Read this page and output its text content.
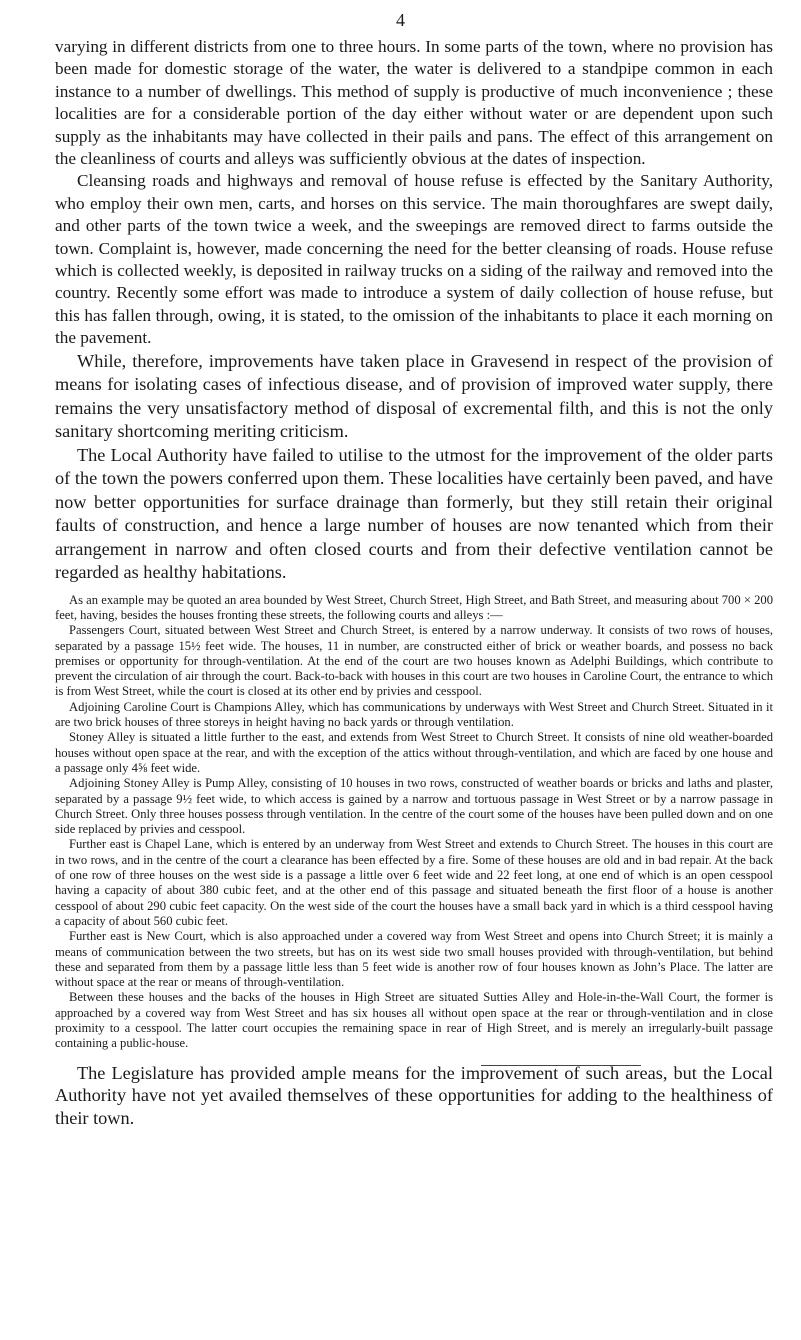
4

varying in different districts from one to three hours. In some parts of the town, where no provision has been made for domestic storage of the water, the water is delivered to a standpipe common in each instance to a number of dwellings. This method of supply is productive of much inconvenience ; these localities are for a considerable portion of the day either without water or are dependent upon such supply as the inhabitants may have collected in their pails and pans. The effect of this arrangement on the cleanliness of courts and alleys was sufficiently obvious at the dates of inspection.

Cleansing roads and highways and removal of house refuse is effected by the Sanitary Authority, who employ their own men, carts, and horses on this service. The main thoroughfares are swept daily, and other parts of the town twice a week, and the sweepings are removed direct to farms outside the town. Complaint is, however, made concerning the need for the better cleansing of roads. House refuse which is collected weekly, is deposited in railway trucks on a siding of the railway and removed into the country. Recently some effort was made to introduce a system of daily collection of house refuse, but this has fallen through, owing, it is stated, to the omission of the inhabitants to place it each morning on the pavement.

While, therefore, improvements have taken place in Gravesend in respect of the provision of means for isolating cases of infectious disease, and of provision of improved water supply, there remains the very unsatisfactory method of disposal of excremental filth, and this is not the only sanitary shortcoming meriting criticism.

The Local Authority have failed to utilise to the utmost for the improvement of the older parts of the town the powers conferred upon them. These localities have certainly been paved, and have now better opportunities for surface drainage than formerly, but they still retain their original faults of construction, and hence a large number of houses are now tenanted which from their arrangement in narrow and often closed courts and from their defective ventilation cannot be regarded as healthy habitations.

As an example may be quoted an area bounded by West Street, Church Street, High Street, and Bath Street, and measuring about 700 × 200 feet, having, besides the houses fronting these streets, the following courts and alleys :—

Passengers Court, situated between West Street and Church Street, is entered by a narrow underway. It consists of two rows of houses, separated by a passage 15½ feet wide. The houses, 11 in number, are constructed either of brick or weather boards, and possess no back premises or opportunity for through-ventilation. At the end of the court are two houses known as Adelphi Buildings, which contribute to prevent the circulation of air through the court. Back-to-back with houses in this court are two houses in Caroline Court, the entrance to which is from West Street, while the court is closed at its other end by privies and cesspool.

Adjoining Caroline Court is Champions Alley, which has communications by underways with West Street and Church Street. Situated in it are two brick houses of three storeys in height having no back yards or through ventilation.

Stoney Alley is situated a little further to the east, and extends from West Street to Church Street. It consists of nine old weather-boarded houses without open space at the rear, and with the exception of the attics without through-ventilation, and which are faced by one house and a passage only 4⅝ feet wide.

Adjoining Stoney Alley is Pump Alley, consisting of 10 houses in two rows, constructed of weather boards or bricks and laths and plaster, separated by a passage 9½ feet wide, to which access is gained by a narrow and tortuous passage in West Street or by a narrow passage in Church Street. Only three houses possess through ventilation. In the centre of the court some of the houses have been pulled down and on one side replaced by privies and cesspool.

Further east is Chapel Lane, which is entered by an underway from West Street and extends to Church Street. The houses in this court are in two rows, and in the centre of the court a clearance has been effected by a fire. Some of these houses are old and in bad repair. At the back of one row of three houses on the west side is a passage a little over 6 feet wide and 22 feet long, at one end of which is an open cesspool having a capacity of about 380 cubic feet, and at the other end of this passage and situated beneath the first floor of a house is another cesspool of about 290 cubic feet capacity. On the west side of the court the houses have a small back yard in which is a third cesspool having a capacity of about 560 cubic feet.

Further east is New Court, which is also approached under a covered way from West Street and opens into Church Street; it is mainly a means of communication between the two streets, but has on its west side two small houses provided with through-ventilation, but behind these and separated from them by a passage little less than 5 feet wide is another row of four houses known as John’s Place. The latter are without space at the rear or means of through-ventilation.

Between these houses and the backs of the houses in High Street are situated Sutties Alley and Hole-in-the-Wall Court, the former is approached by a covered way from West Street and has six houses all without open space at the rear or through-ventilation and in close proximity to a cesspool. The latter court occupies the remaining space in rear of High Street, and is merely an irregularly-built passage containing a public-house.

The Legislature has provided ample means for the improvement of such areas, but the Local Authority have not yet availed themselves of these opportunities for adding to the healthiness of their town.
